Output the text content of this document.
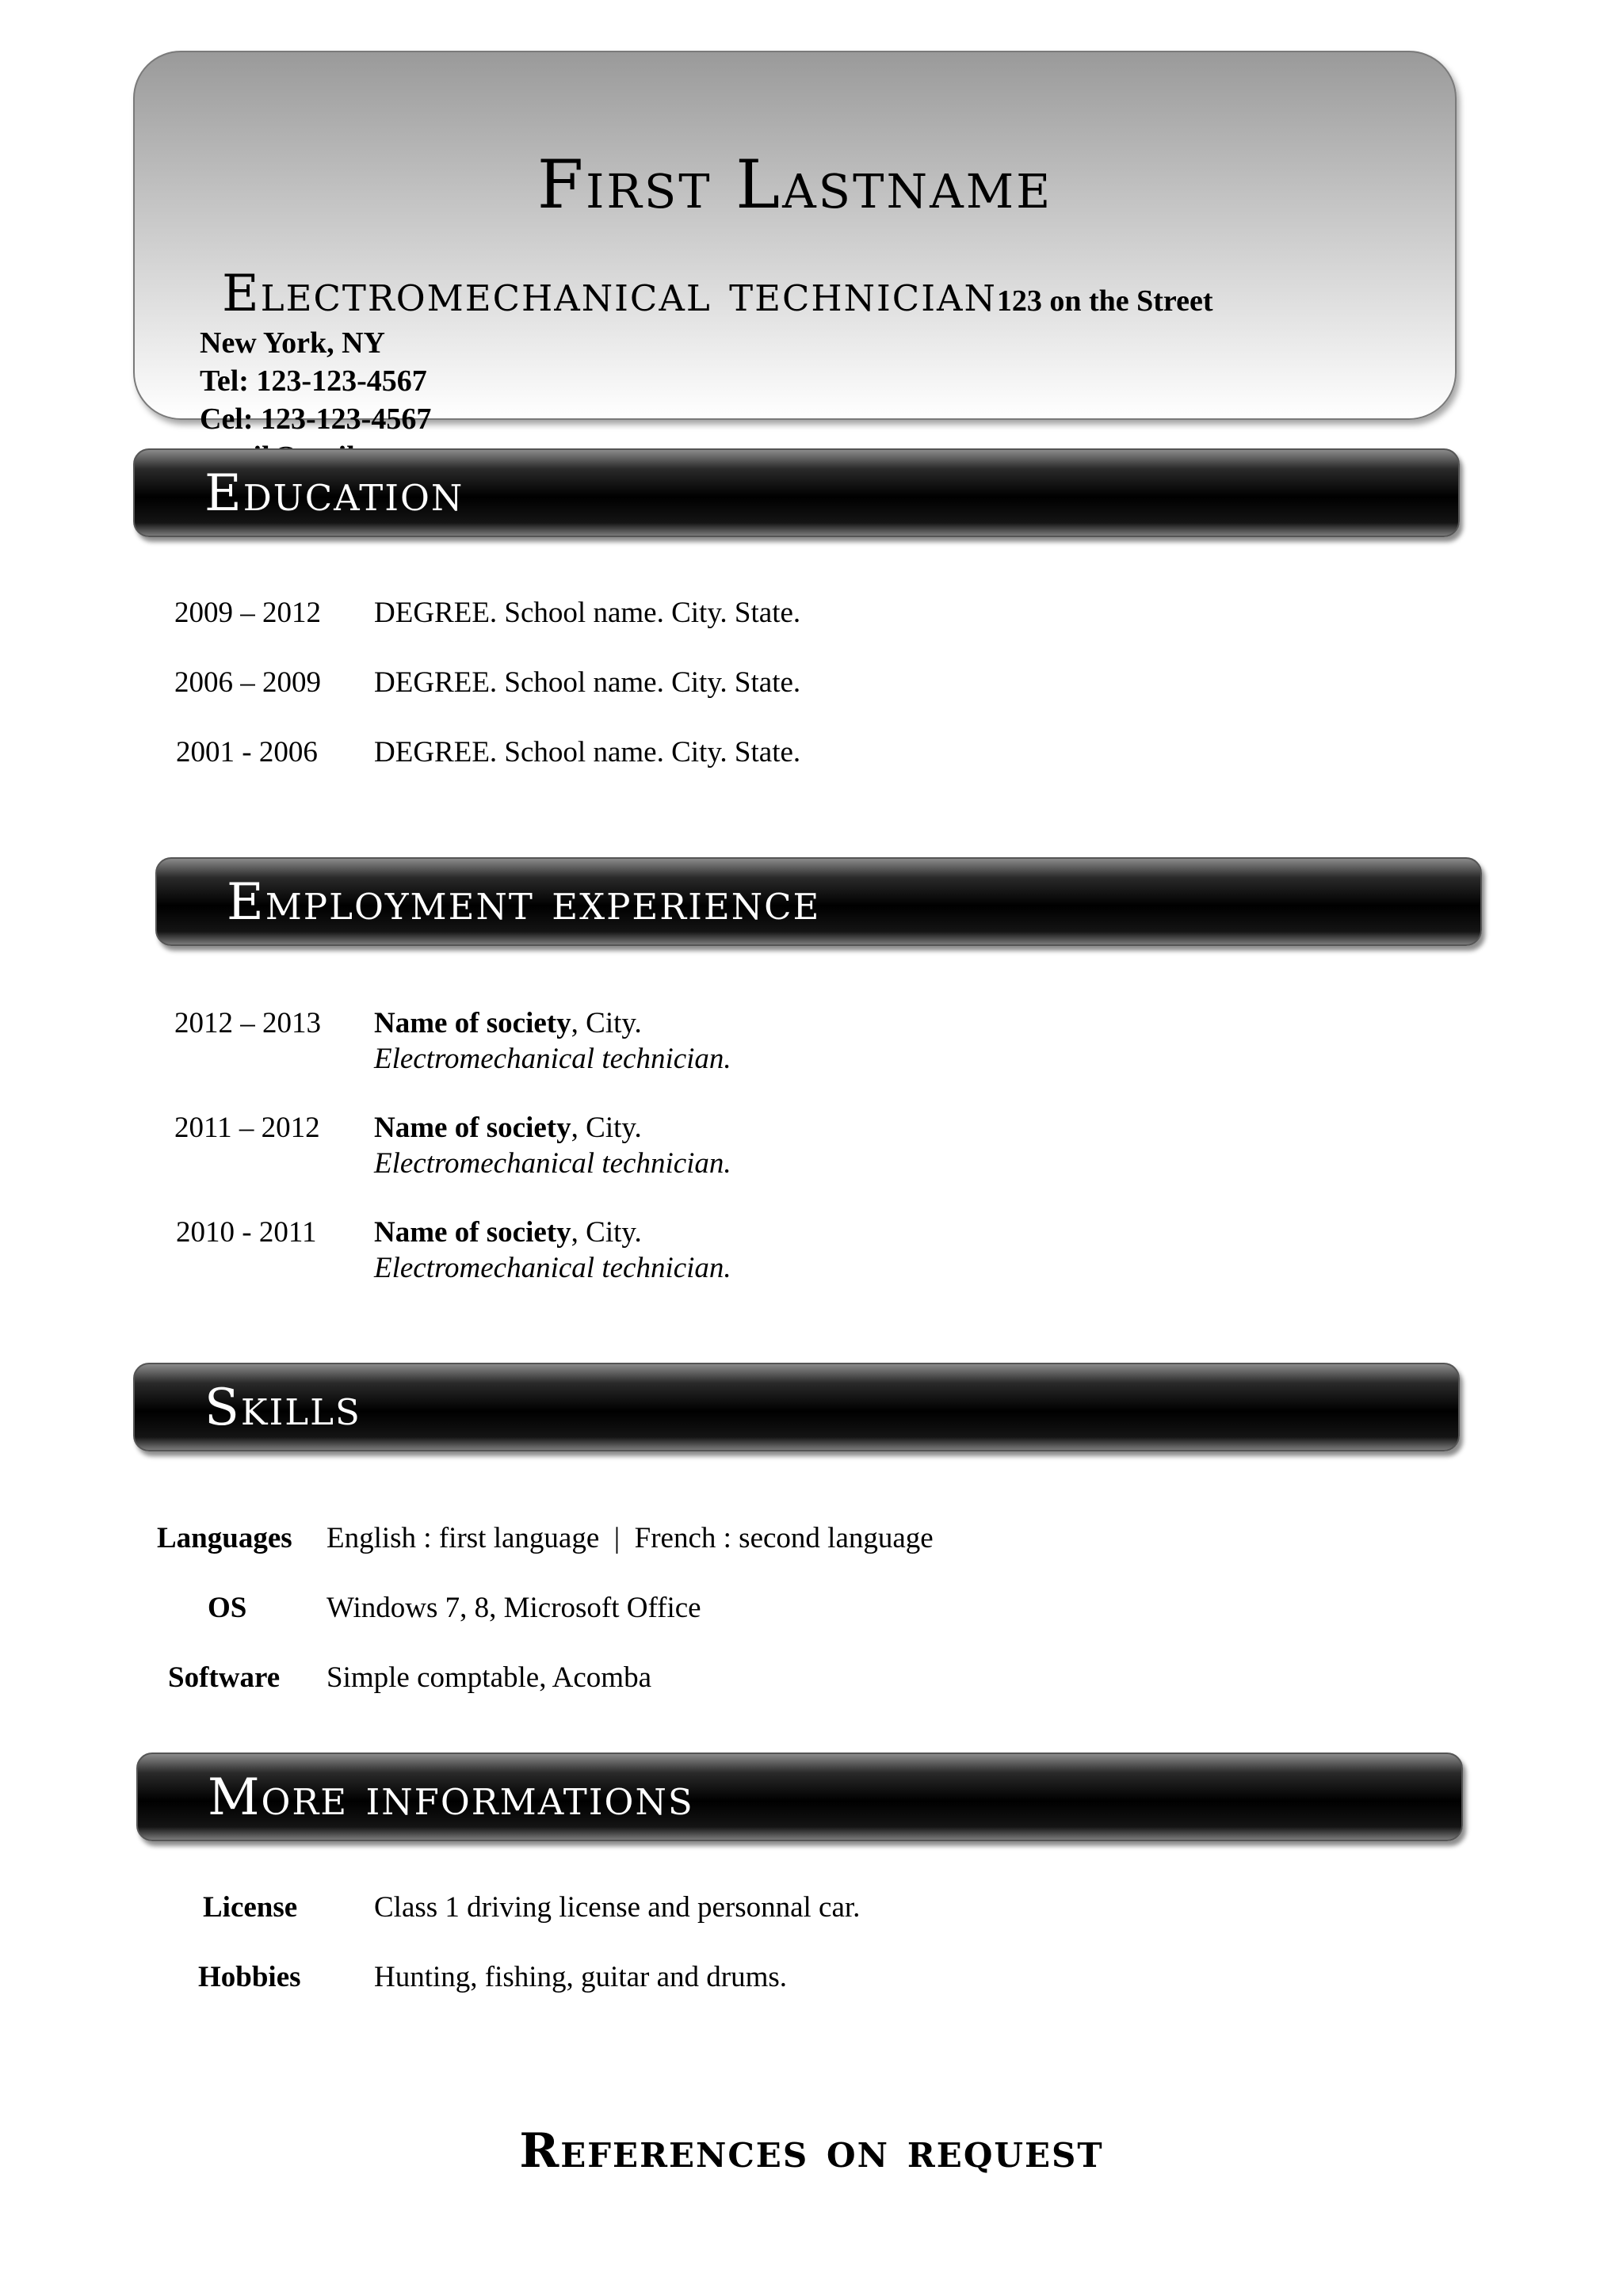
First Lastname
Electromechanical technician123 on the Street
New York, NY
Tel: 123-123-4567
Cel: 123-123-4567
Education
2009 – 2012 DEGREE. School name. City. State.
2006 – 2009 DEGREE. School name. City. State.
2001 - 2006 DEGREE. School name. City. State.
Employment experience
2012 – 2013 Name of society, City.
Electromechanical technician.
2011 – 2012 Name of society, City.
Electromechanical technician.
2010 - 2011 Name of society, City.
Electromechanical technician.
Skills
Languages English : first language  |  French : second language
OS	Windows 7, 8, Microsoft Office
Software Simple comptable, Acomba
More informations
License	Class 1 driving license and personnal car.
Hobbies Hunting, fishing, guitar and drums.
References on request
